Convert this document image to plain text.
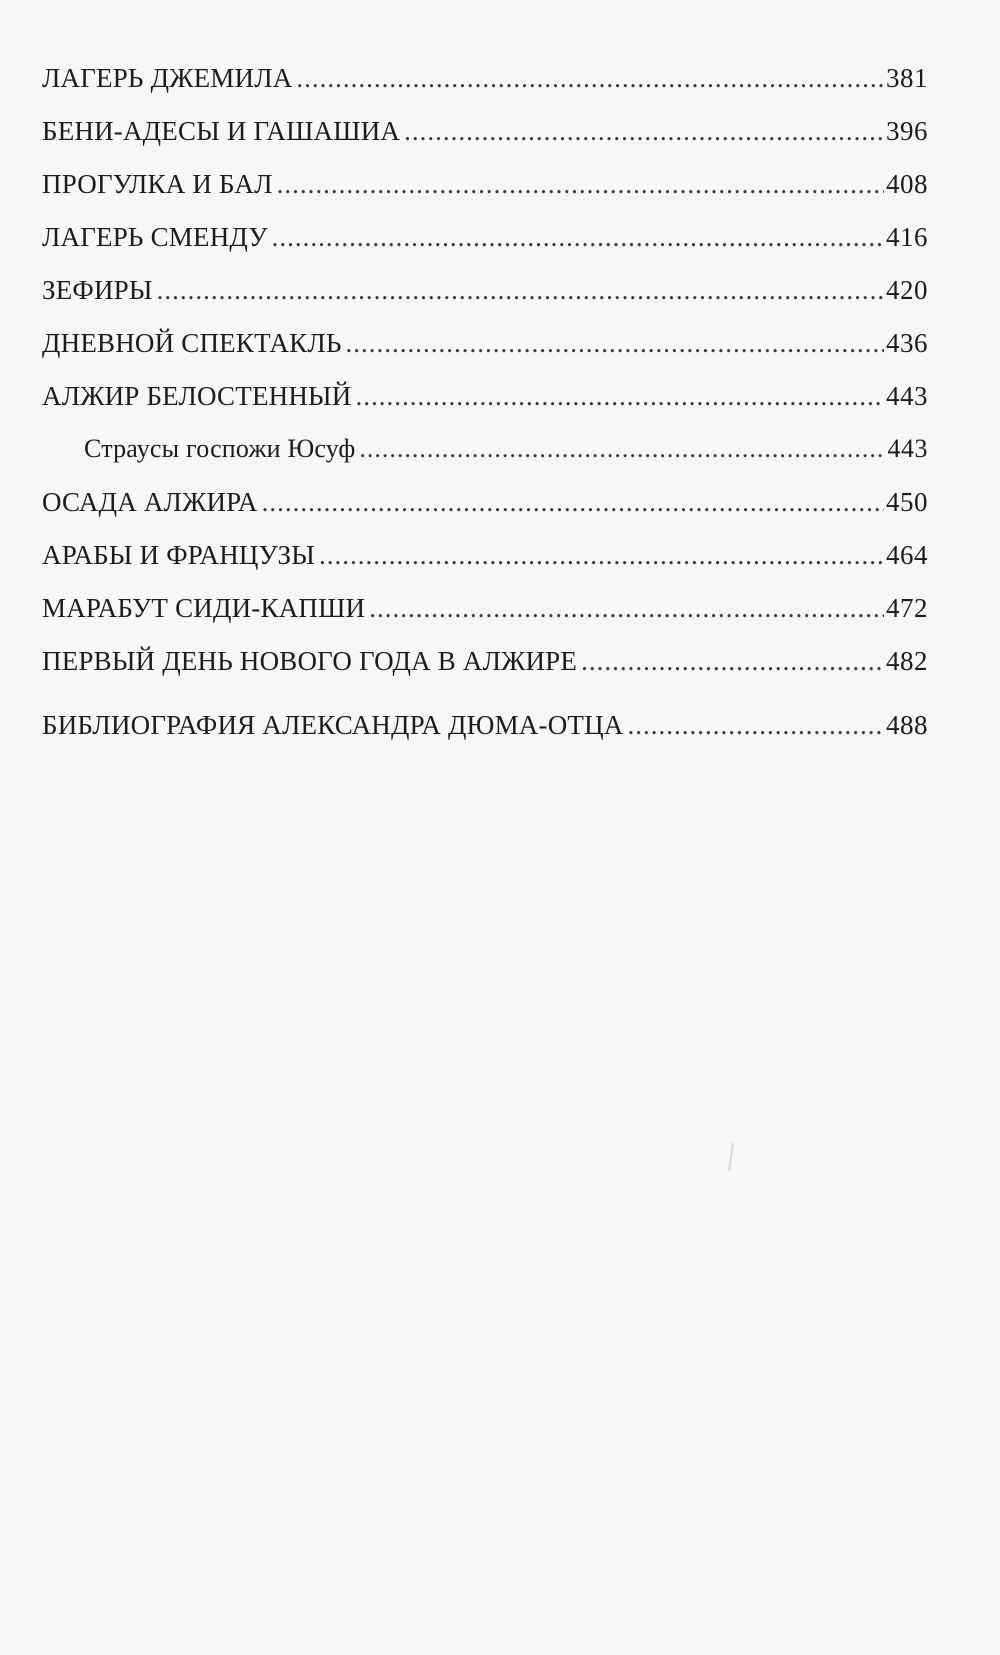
ЛАГЕРЬ ДЖЕМИЛА .....	381
БЕНИ-АДЕСЫ И ГАШАШИА .....	396
ПРОГУЛКА И БАЛ .....	408
ЛАГЕРЬ СМЕНДУ .....	416
ЗЕФИРЫ .....	420
ДНЕВНОЙ СПЕКТАКЛЬ .....	436
АЛЖИР БЕЛОСТЕННЫЙ .....	443
Страусы госпожи Юсуф .....	443
ОСАДА АЛЖИРА .....	450
АРАБЫ И ФРАНЦУЗЫ .....	464
МАРАБУТ СИДИ-КАПШИ .....	472
ПЕРВЫЙ ДЕНЬ НОВОГО ГОДА В АЛЖИРЕ .....	482
БИБЛИОГРАФИЯ АЛЕКСАНДРА ДЮМА-ОТЦА .....	488
